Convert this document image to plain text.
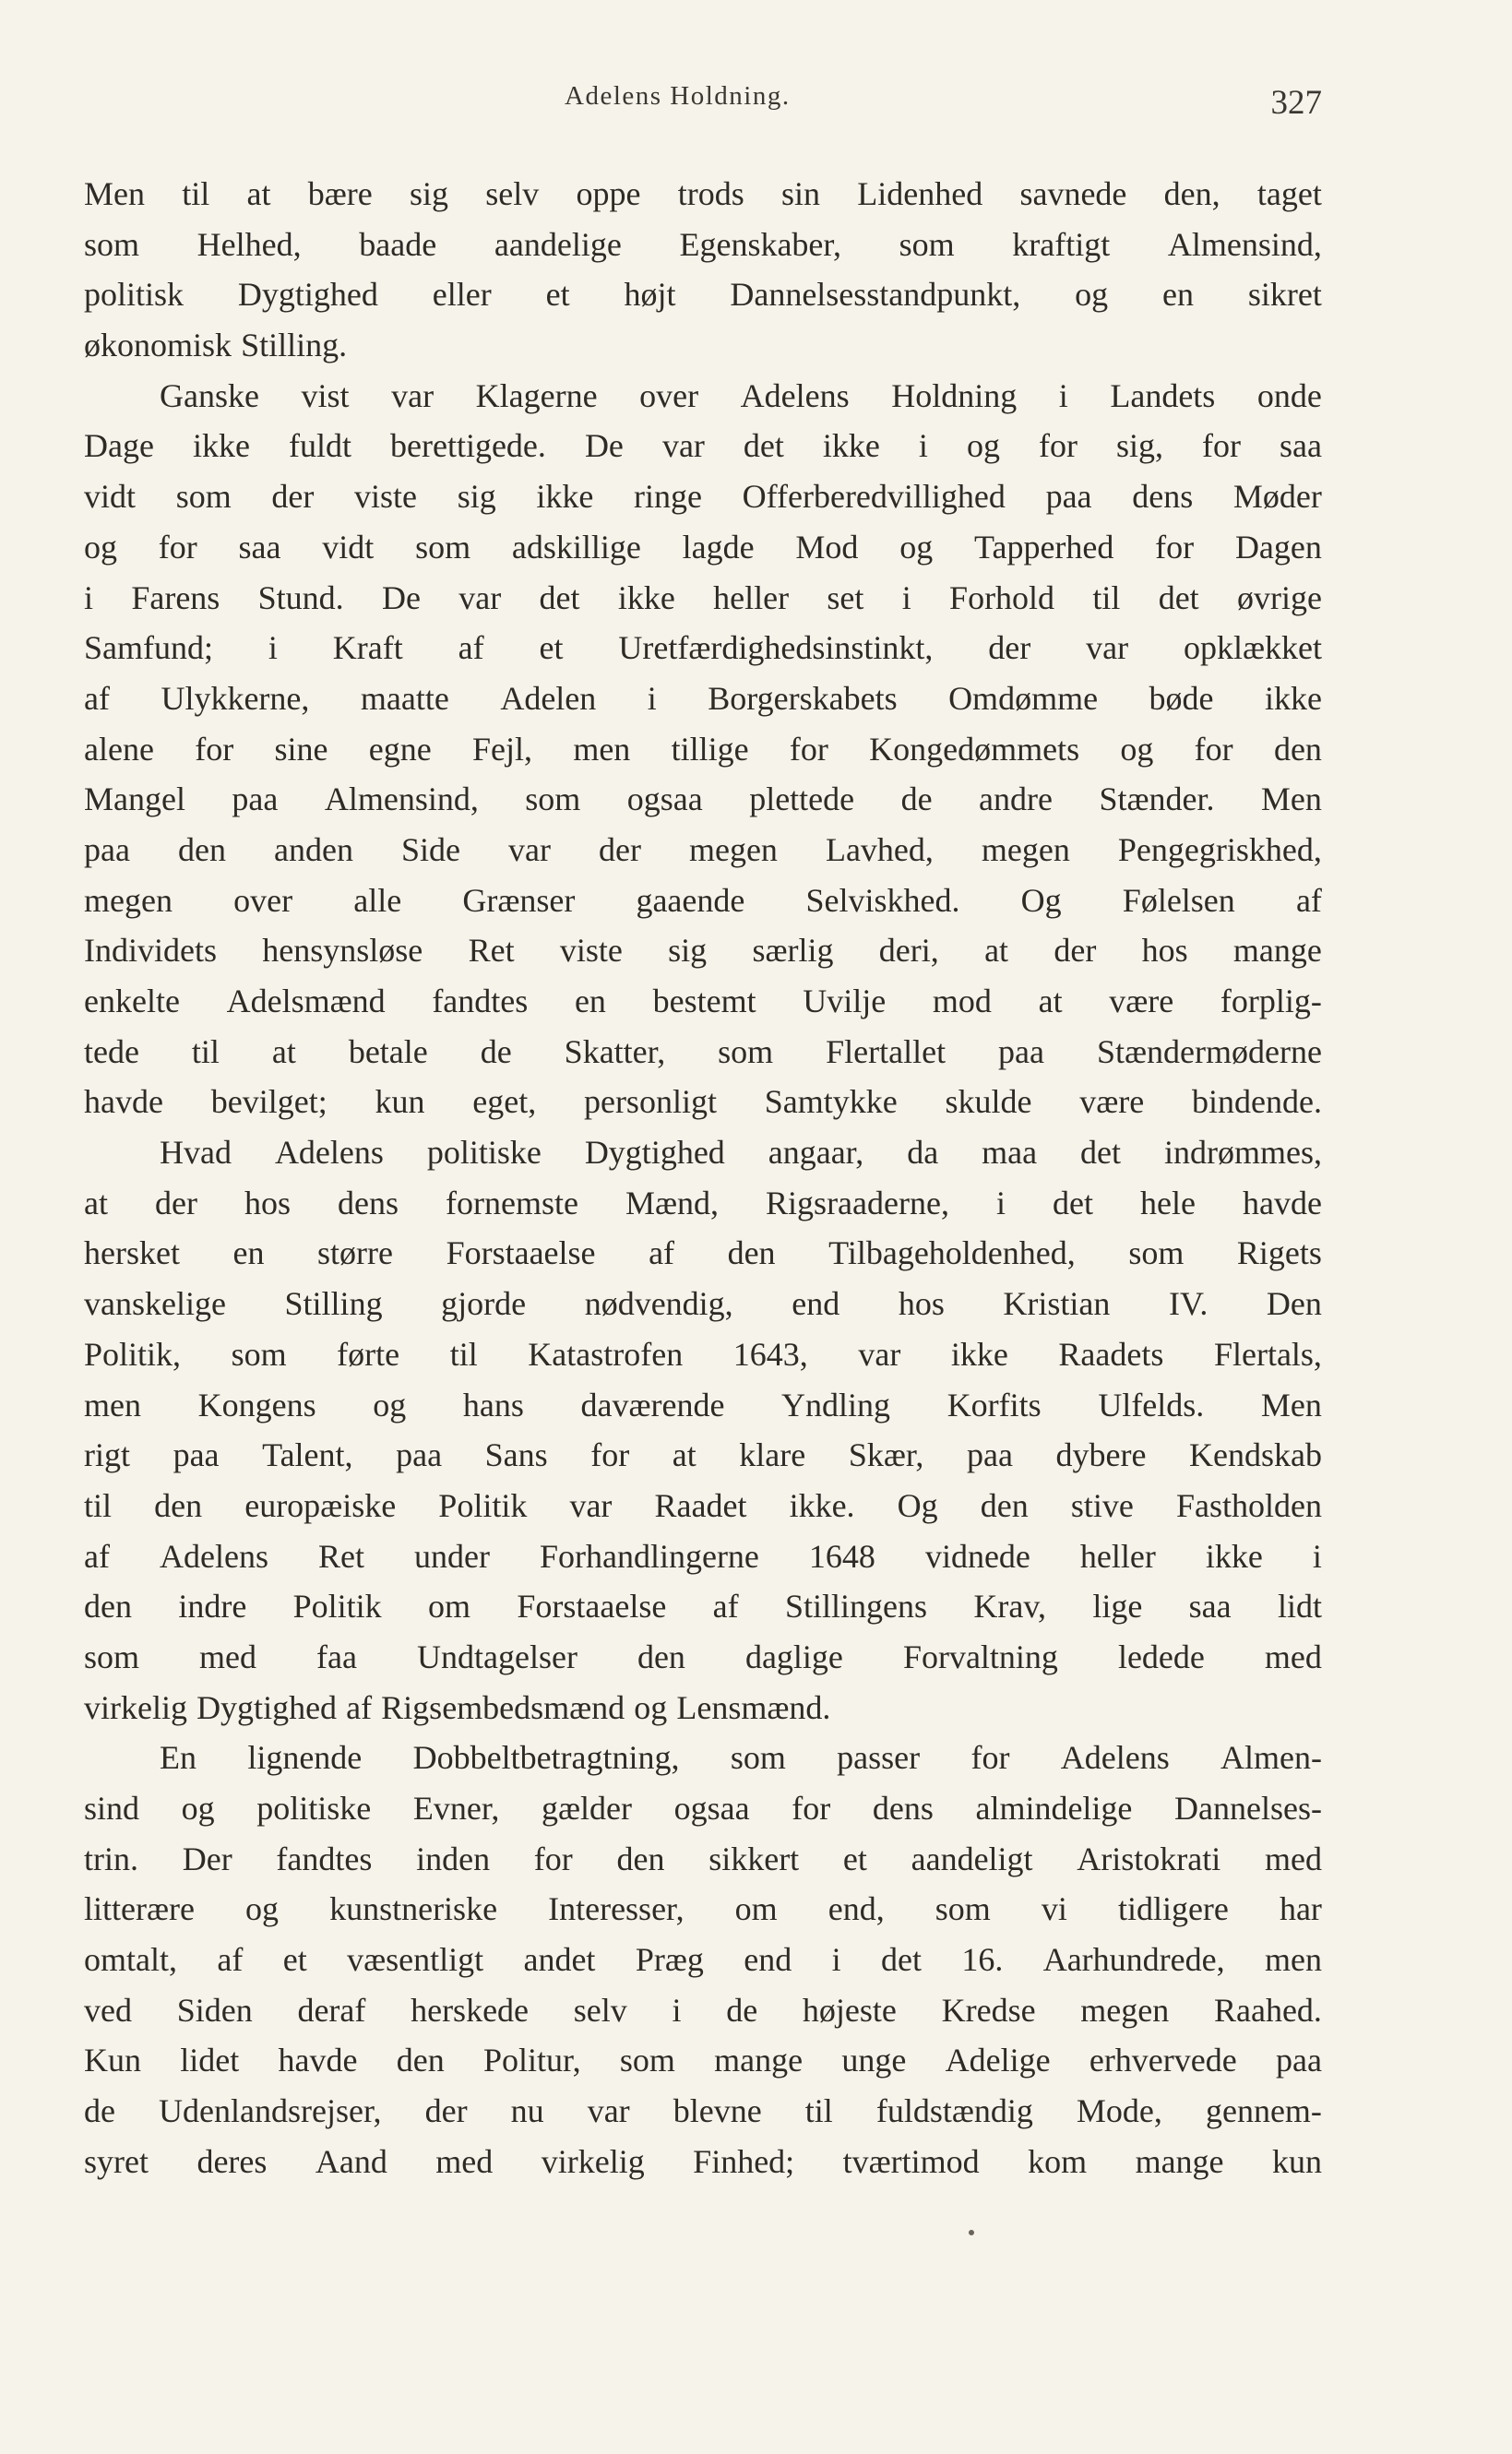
Adelens Holdning.	327
Men til at bære sig selv oppe trods sin Lidenhed savnede den, taget
som Helhed, baade aandelige Egenskaber, som kraftigt Almensind,
politisk Dygtighed eller et højt Dannelsesstandpunkt, og en sikret
økonomisk Stilling.
Ganske vist var Klagerne over Adelens Holdning i Landets onde
Dage ikke fuldt berettigede. De var det ikke i og for sig, for saa
vidt som der viste sig ikke ringe Offerberedvillighed paa dens Møder
og for saa vidt som adskillige lagde Mod og Tapperhed for Dagen
i Farens Stund. De var det ikke heller set i Forhold til det øvrige
Samfund; i Kraft af et Uretfærdighedsinstinkt, der var opklækket
af Ulykkerne, maatte Adelen i Borgerskabets Omdømme bøde ikke
alene for sine egne Fejl, men tillige for Kongedømmets og for den
Mangel paa Almensind, som ogsaa plettede de andre Stænder. Men
paa den anden Side var der megen Lavhed, megen Pengegriskhed,
megen over alle Grænser gaaende Selviskhed. Og Følelsen af
Individets hensynsløse Ret viste sig særlig deri, at der hos mange
enkelte Adelsmænd fandtes en bestemt Uvilje mod at være forplig-
tede til at betale de Skatter, som Flertallet paa Stændermøderne
havde bevilget; kun eget, personligt Samtykke skulde være bindende.
Hvad Adelens politiske Dygtighed angaar, da maa det indrømmes,
at der hos dens fornemste Mænd, Rigsraaderne, i det hele havde
hersket en større Forstaaelse af den Tilbageholdenhed, som Rigets
vanskelige Stilling gjorde nødvendig, end hos Kristian IV. Den
Politik, som førte til Katastrofen 1643, var ikke Raadets Flertals,
men Kongens og hans daværende Yndling Korfits Ulfelds. Men
rigt paa Talent, paa Sans for at klare Skær, paa dybere Kendskab
til den europæiske Politik var Raadet ikke. Og den stive Fastholden
af Adelens Ret under Forhandlingerne 1648 vidnede heller ikke i
den indre Politik om Forstaaelse af Stillingens Krav, lige saa lidt
som med faa Undtagelser den daglige Forvaltning ledede med
virkelig Dygtighed af Rigsembedsmænd og Lensmænd.
En lignende Dobbeltbetragtning, som passer for Adelens Almen-
sind og politiske Evner, gælder ogsaa for dens almindelige Dannelses-
trin. Der fandtes inden for den sikkert et aandeligt Aristokrati med
litterære og kunstneriske Interesser, om end, som vi tidligere har
omtalt, af et væsentligt andet Præg end i det 16. Aarhundrede, men
ved Siden deraf herskede selv i de højeste Kredse megen Raahed.
Kun lidet havde den Politur, som mange unge Adelige erhvervede paa
de Udenlandsrejser, der nu var blevne til fuldstændig Mode, gennem-
syret deres Aand med virkelig Finhed; tværtimod kom mange kun
